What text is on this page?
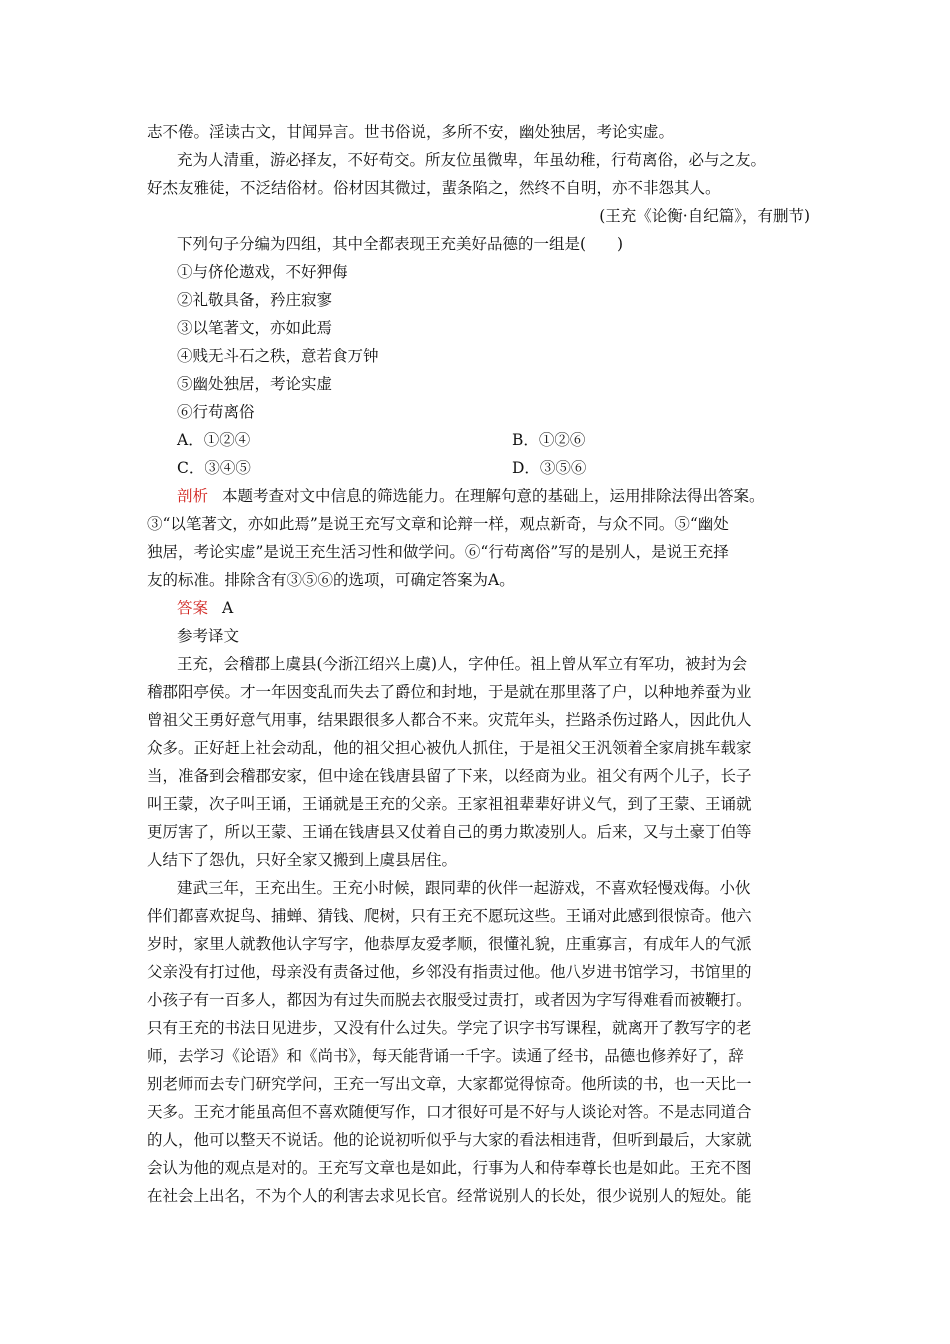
志不倦。淫读古文，甘闻异言。世书俗说，多所不安，幽处独居，考论实虚。
充为人清重，游必择友，不好苟交。所友位虽微卑，年虽幼稚，行苟离俗，必与之友。
好杰友雅徒，不泛结俗材。俗材因其微过，蜚条陷之，然终不自明，亦不非怨其人。
(王充《论衡·自纪篇》，有删节)
下列句子分编为四组，其中全都表现王充美好品德的一组是(　　)
①与侪伦遨戏，不好狎侮
②礼敬具备，矜庄寂寥
③以笔著文，亦如此焉
④贱无斗石之秩，意若食万钟
⑤幽处独居，考论实虚
⑥行苟离俗
A．①②④	B．①②⑥
C．③④⑤	D．③⑤⑥
剖析 本题考查对文中信息的筛选能力。在理解句意的基础上，运用排除法得出答案。
③“以笔著文，亦如此焉”是说王充写文章和论辩一样，观点新奇，与众不同。⑤“幽处
独居，考论实虚”是说王充生活习性和做学问。⑥“行苟离俗”写的是别人，是说王充择
友的标准。排除含有③⑤⑥的选项，可确定答案为A。
答案 A
参考译文
王充，会稽郡上虞县(今浙江绍兴上虞)人，字仲任。祖上曾从军立有军功，被封为会
稽郡阳亭侯。才一年因变乱而失去了爵位和封地，于是就在那里落了户，以种地养蚕为业
曾祖父王勇好意气用事，结果跟很多人都合不来。灾荒年头，拦路杀伤过路人，因此仇人
众多。正好赶上社会动乱，他的祖父担心被仇人抓住，于是祖父王汎领着全家肩挑车载家
当，准备到会稽郡安家，但中途在钱唐县留了下来，以经商为业。祖父有两个儿子，长子
叫王蒙，次子叫王诵，王诵就是王充的父亲。王家祖祖辈辈好讲义气，到了王蒙、王诵就
更厉害了，所以王蒙、王诵在钱唐县又仗着自己的勇力欺凌别人。后来，又与土豪丁伯等
人结下了怨仇，只好全家又搬到上虞县居住。
建武三年，王充出生。王充小时候，跟同辈的伙伴一起游戏，不喜欢轻慢戏侮。小伙
伴们都喜欢捉鸟、捕蝉、猜钱、爬树，只有王充不愿玩这些。王诵对此感到很惊奇。他六
岁时，家里人就教他认字写字，他恭厚友爱孝顺，很懂礼貌，庄重寡言，有成年人的气派
父亲没有打过他，母亲没有责备过他，乡邻没有指责过他。他八岁进书馆学习，书馆里的
小孩子有一百多人，都因为有过失而脱去衣服受过责打，或者因为字写得难看而被鞭打。
只有王充的书法日见进步，又没有什么过失。学完了识字书写课程，就离开了教写字的老
师，去学习《论语》和《尚书》，每天能背诵一千字。读通了经书，品德也修养好了，辞
别老师而去专门研究学问，王充一写出文章，大家都觉得惊奇。他所读的书，也一天比一
天多。王充才能虽高但不喜欢随便写作，口才很好可是不好与人谈论对答。不是志同道合
的人，他可以整天不说话。他的论说初听似乎与大家的看法相违背，但听到最后，大家就
会认为他的观点是对的。王充写文章也是如此，行事为人和侍奉尊长也是如此。王充不图
在社会上出名，不为个人的利害去求见长官。经常说别人的长处，很少说别人的短处。能
